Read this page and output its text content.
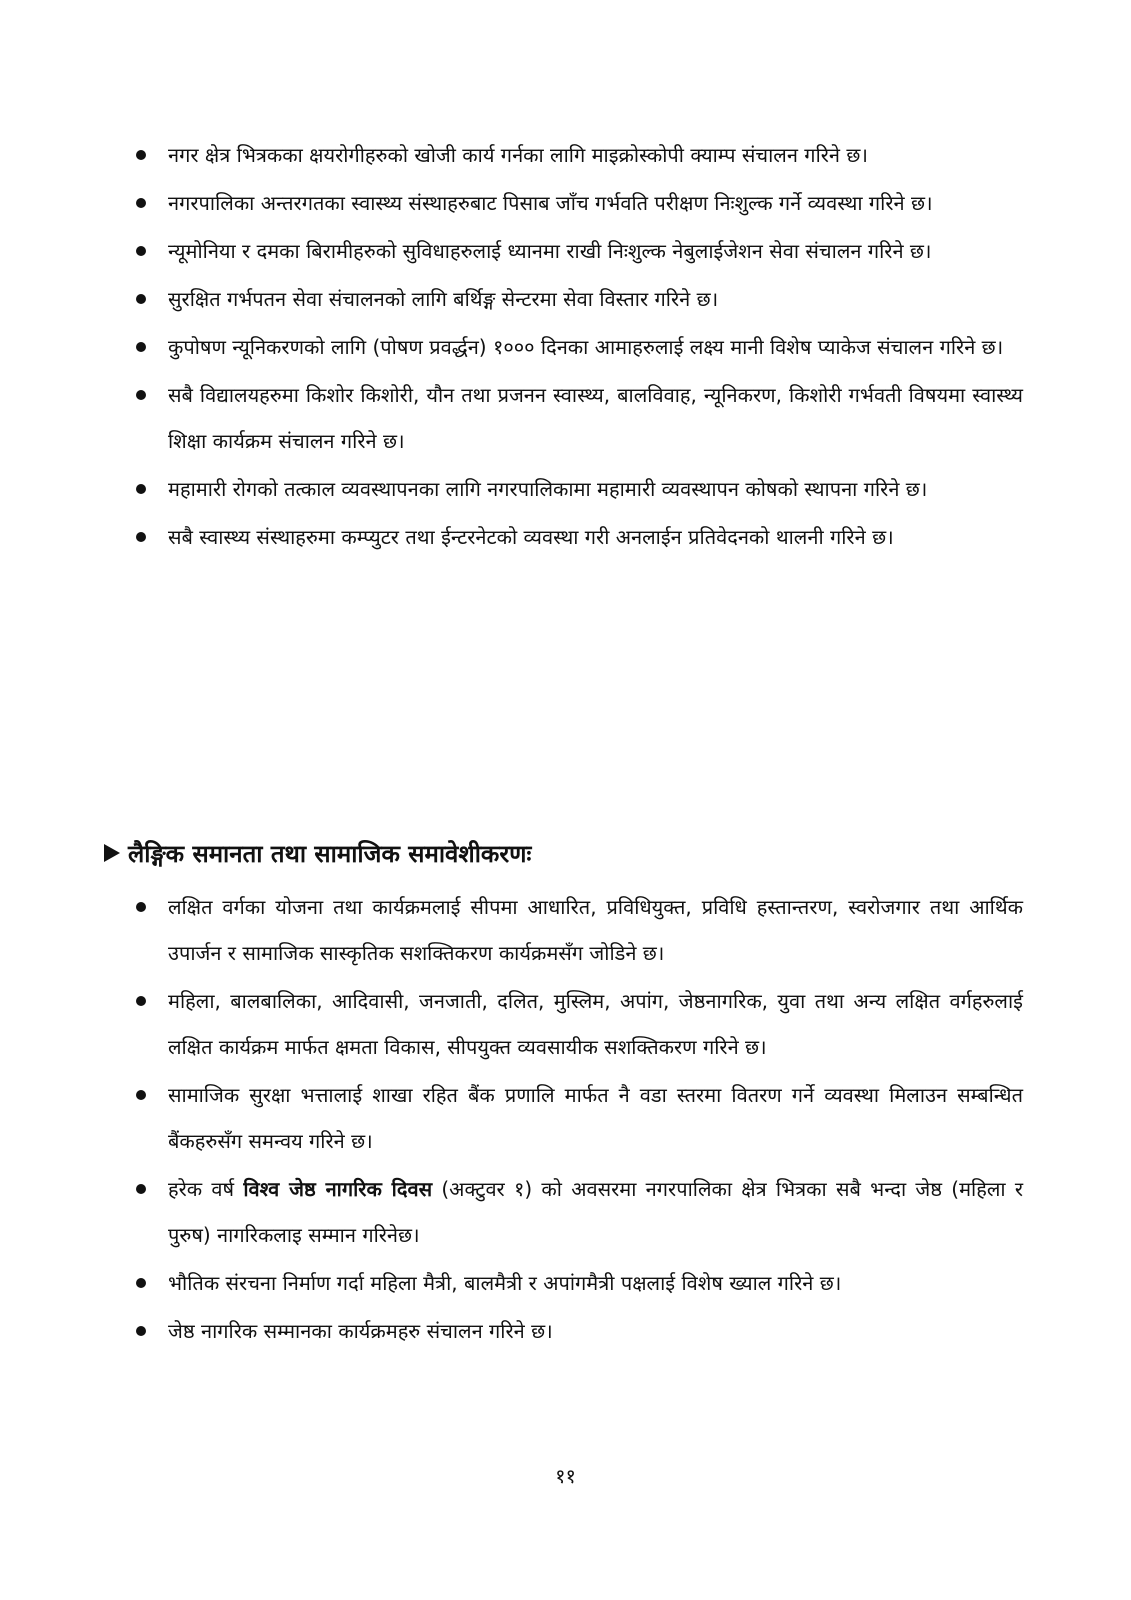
नगर क्षेत्र भित्रकका क्षयरोगीहरुको खोजी कार्य गर्नका लागि माइक्रोस्कोपी क्याम्प संचालन गरिने छ।
नगरपालिका अन्तरगतका स्वास्थ्य संस्थाहरुबाट पिसाब जाँच गर्भवति परीक्षण निःशुल्क गर्ने व्यवस्था गरिने छ।
न्यूमोनिया र दमका बिरामीहरुको सुविधाहरुलाई ध्यानमा राखी निःशुल्क नेबुलाईजेशन सेवा संचालन गरिने छ।
सुरक्षित गर्भपतन सेवा संचालनको लागि बर्थिङ्ग सेन्टरमा सेवा विस्तार गरिने छ।
कुपोषण न्यूनिकरणको लागि (पोषण प्रवर्द्धन) १००० दिनका आमाहरुलाई लक्ष्य मानी विशेष प्याकेज संचालन गरिने छ।
सबै विद्यालयहरुमा किशोर किशोरी, यौन तथा प्रजनन स्वास्थ्य, बालविवाह, न्यूनिकरण, किशोरी गर्भवती विषयमा स्वास्थ्य शिक्षा कार्यक्रम संचालन गरिने छ।
महामारी रोगको तत्काल व्यवस्थापनका लागि नगरपालिकामा महामारी व्यवस्थापन कोषको स्थापना गरिने छ।
सबै स्वास्थ्य संस्थाहरुमा कम्प्युटर तथा ईन्टरनेटको व्यवस्था गरी अनलाईन प्रतिवेदनको थालनी गरिने छ।
लैङ्गिक समानता तथा सामाजिक समावेशीकरणः
लक्षित वर्गका योजना तथा कार्यक्रमलाई सीपमा आधारित, प्रविधियुक्त, प्रविधि हस्तान्तरण, स्वरोजगार तथा आर्थिक उपार्जन र सामाजिक सास्कृतिक सशक्तिकरण कार्यक्रमसँग जोडिने छ।
महिला, बालबालिका, आदिवासी, जनजाती, दलित, मुस्लिम, अपांग, जेष्ठनागरिक, युवा तथा अन्य लक्षित वर्गहरुलाई लक्षित कार्यक्रम मार्फत क्षमता विकास, सीपयुक्त व्यवसायीक सशक्तिकरण गरिने छ।
सामाजिक सुरक्षा भत्तालाई शाखा रहित बैंक प्रणालि मार्फत नै वडा स्तरमा वितरण गर्ने व्यवस्था मिलाउन सम्बन्धित बैंकहरुसँग समन्वय गरिने छ।
हरेक वर्ष विश्व जेष्ठ नागरिक दिवस (अक्टुवर १) को अवसरमा नगरपालिका क्षेत्र भित्रका सबै भन्दा जेष्ठ (महिला र पुरुष) नागरिकलाइ सम्मान गरिनेछ।
भौतिक संरचना निर्माण गर्दा महिला मैत्री, बालमैत्री र अपांगमैत्री पक्षलाई विशेष ख्याल गरिने छ।
जेष्ठ नागरिक सम्मानका कार्यक्रमहरु संचालन गरिने छ।
११
